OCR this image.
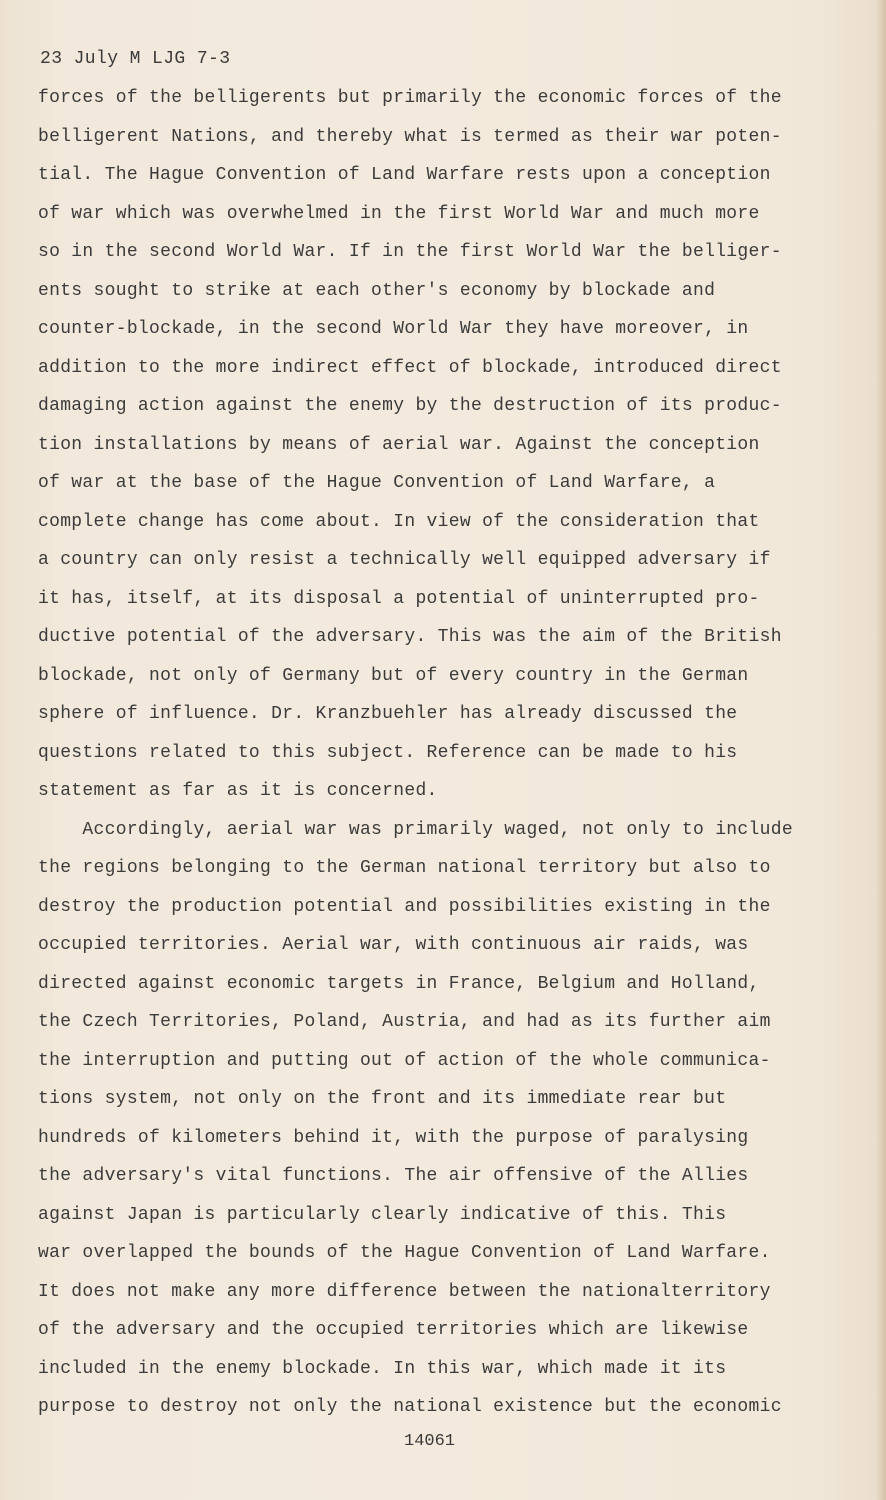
23 July M LJG 7-3
forces of the belligerents but primarily the economic forces of the
belligerent Nations, and thereby what is termed as their war poten-
tial. The Hague Convention of Land Warfare rests upon a conception
of war which was overwhelmed in the first World War and much more
so in the second World War. If in the first World War the belliger-
ents sought to strike at each other's economy by blockade and
counter-blockade, in the second World War they have moreover, in
addition to the more indirect effect of blockade, introduced direct
damaging action against the enemy by the destruction of its produc-
tion installations by means of aerial war. Against the conception
of war at the base of the Hague Convention of Land Warfare, a
complete change has come about. In view of the consideration that
a country can only resist a technically well equipped adversary if
it has, itself, at its disposal a potential of uninterrupted pro-
ductive potential of the adversary. This was the aim of the British
blockade, not only of Germany but of every country in the German
sphere of influence. Dr. Kranzbuehler has already discussed the
questions related to this subject. Reference can be made to his
statement as far as it is concerned.
Accordingly, aerial war was primarily waged, not only to include
the regions belonging to the German national territory but also to
destroy the production potential and possibilities existing in the
occupied territories. Aerial war, with continuous air raids, was
directed against economic targets in France, Belgium and Holland,
the Czech Territories, Poland, Austria, and had as its further aim
the interruption and putting out of action of the whole communica-
tions system, not only on the front and its immediate rear but
hundreds of kilometers behind it, with the purpose of paralysing
the adversary's vital functions. The air offensive of the Allies
against Japan is particularly clearly indicative of this. This
war overlapped the bounds of the Hague Convention of Land Warfare.
It does not make any more difference between the nationalterritory
of the adversary and the occupied territories which are likewise
included in the enemy blockade. In this war, which made it its
purpose to destroy not only the national existence but the economic
14061
